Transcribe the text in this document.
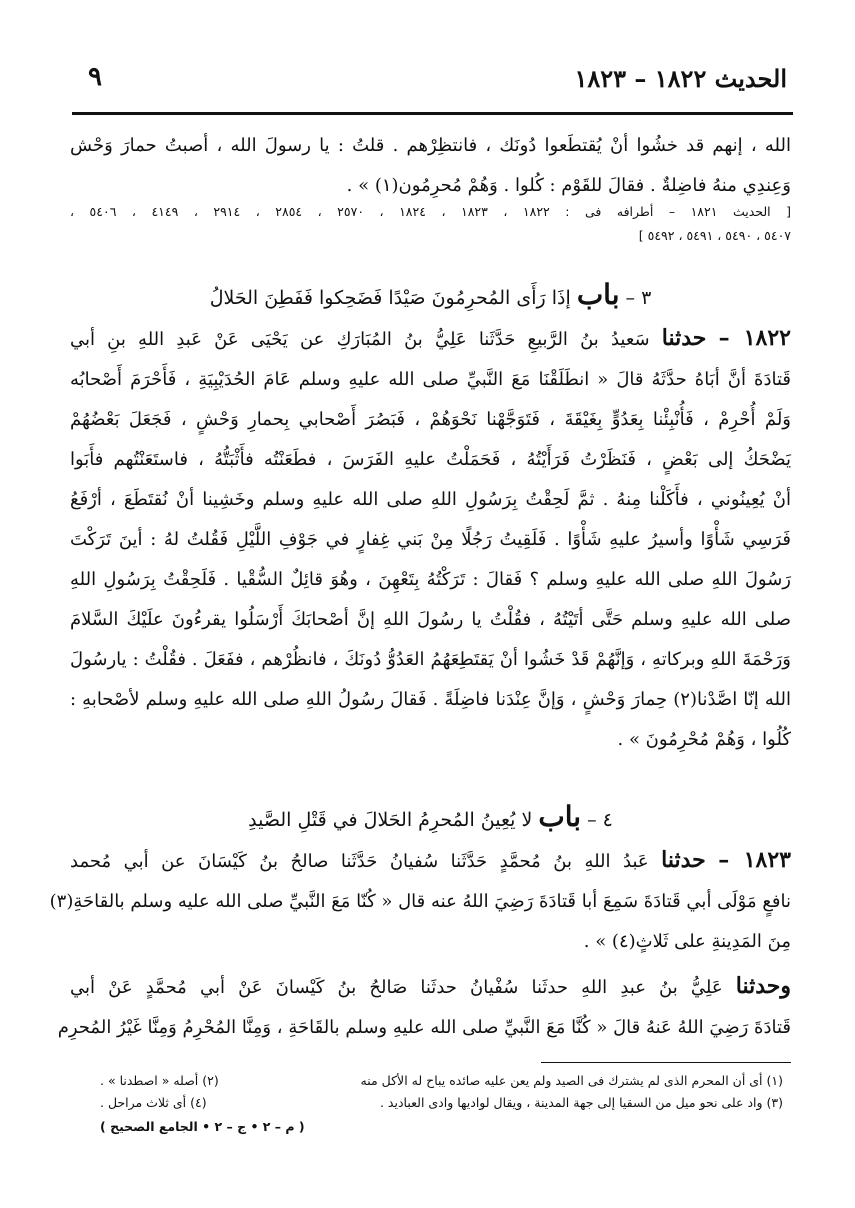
الحديث ١٨٢٢ – ١٨٢٣
٩
الله ، إنهم قد خشُوا أنْ يُقتطَعوا دُونَك ، فانتظِرْهم . قلتُ : يا رسولَ الله ، أصبتُ حمارَ وَحْش
وَعِندِي منهُ فاضِلةٌ . فقالَ للقَوْم : كُلوا . وَهُمْ مُحرِمُون(١) » .
[ الحديث ١٨٢١ – أطرافه فى : ١٨٢٢ ، ١٨٢٣ ، ١٨٢٤ ، ٢٥٧٠ ، ٢٨٥٤ ، ٢٩١٤ ، ٤١٤٩ ، ٥٤٠٦ ،
٥٤٠٧ ، ٥٤٩٠ ، ٥٤٩١ ، ٥٤٩٢ ]
٣ – باب إذَا رَأَى المُحرِمُونَ صَيْدًا فَضَحِكوا فَفَطِنَ الحَلالُ
١٨٢٢ – حدثنا سَعيدُ بنُ الرَّبيعِ حَدَّثَنا عَلِيُّ بنُ المُبَارَكِ عن يَحْيَى عَنْ عَبدِ اللهِ بنِ أبي
قَتادَةَ أنَّ أبَاهُ حدَّثَهُ قالَ « انطَلَقْنَا مَعَ النَّبيِّ صلى الله عليهِ وسلم عَامَ الحُدَيْبِيَةِ ، فَأَحْرَمَ أَصْحابُه
وَلَمْ أُحْرِمْ ، فَأُنْبِئْنا بِعَدُوٍّ بِغَيْقَةَ ، فَتَوَجَّهْنا نَحْوَهُمْ ، فَبَصُرَ أَصْحابي بِحمارِ وَحْشٍ ، فَجَعَلَ بَعْضُهُمْ
يَضْحَكُ إلى بَعْضٍ ، فَنَظَرْتُ فَرَأَيْتُهُ ، فَحَمَلْتُ عليهِ الفَرَسَ ، فطَعَنْتُه فأَثْبَتُّهُ ، فاستَعَنْتُهم فأَبَوا
أنْ يُعِينُوني ، فأَكَلْنا مِنهُ . ثمَّ لَحِقْتُ بِرَسُولِ اللهِ صلى الله عليهِ وسلم وخَشِينا أنْ نُقتَطَعَ ، أرْفَعُ
فَرَسِي شَأْوًا وأسيرُ عليهِ شَأْوًا . فَلَقِيتُ رَجُلًا مِنْ بَني غِفارٍ في جَوْفِ اللَّيْلِ فَقُلتُ لهُ : أينَ تَرَكْتَ
رَسُولَ اللهِ صلى الله عليهِ وسلم ؟ فَقالَ : تَرَكْتُهُ بِتَعْهِنَ ، وهُوَ قائِلٌ السُّقْيا . فَلَحِقْتُ بِرَسُولِ اللهِ
صلى الله عليهِ وسلم حَتَّى أتَيْتُهُ ، فقُلْتُ يا رسُولَ اللهِ إنَّ أصْحابَكَ أَرْسَلُوا يقرءُونَ علَيْكَ السَّلامَ
وَرَحْمَةَ اللهِ وبركاتهِ ، وَإنَّهُمْ قَدْ خَشُوا أنْ يَقتَطِعَهُمُ العَدُوُّ دُونَكَ ، فانظُرْهم ، ففَعَلَ . فقُلْتُ : يارسُولَ
الله إنّا اصَّدْنا(٢) حِمارَ وَحْشٍ ، وَإنَّ عِنْدَنا فاضِلَةً . فَقالَ رسُولُ اللهِ صلى الله عليهِ وسلم لأصْحابهِ :
كُلُوا ، وَهُمْ مُحْرِمُونَ » .
٤ – باب لا يُعِينُ المُحرِمُ الحَلالَ في قَتْلِ الصَّيدِ
١٨٢٣ – حدثنا عَبدُ اللهِ بنُ مُحمَّدٍ حَدَّثَنا سُفيانُ حَدَّثَنا صالحُ بنُ كَيْسَانَ عن أبي مُحمد
نافعٍ مَوْلَى أبي قَتادَةَ سَمِعَ أبا قَتادَةَ رَضِيَ اللهُ عنه قال « كُنّا مَعَ النَّبيِّ صلى الله عليه وسلم بالقاحَةِ(٣)
مِنَ المَدِينةِ على ثَلاثٍ(٤) » .
وحدثنا عَلِيُّ بنُ عبدِ اللهِ حدثَنا سُفْيانُ حدثَنا صَالحُ بنُ كَيْسانَ عَنْ أبي مُحمَّدٍ عَنْ أبي
قَتادَةَ رَضِيَ اللهُ عَنهُ قالَ « كُنَّا مَعَ النَّبيِّ صلى الله عليهِ وسلم بالقَاحَةِ ، وَمِنَّا المُحْرِمُ وَمِنَّا غَيْرُ المُحرِم
(١) أى أن المحرم الذى لم يشترك فى الصيد ولم يعن عليه صائده يباح له الأكل منه
(٢) أصله « اصطدنا » .
(٣) واد على نحو ميل من السقيا إلى جهة المدينة ، ويقال لواديها وادى العباديد .
(٤) أى ثلاث مراحل .
( م – ٢ • ج – ٢ • الجامع الصحيح )
